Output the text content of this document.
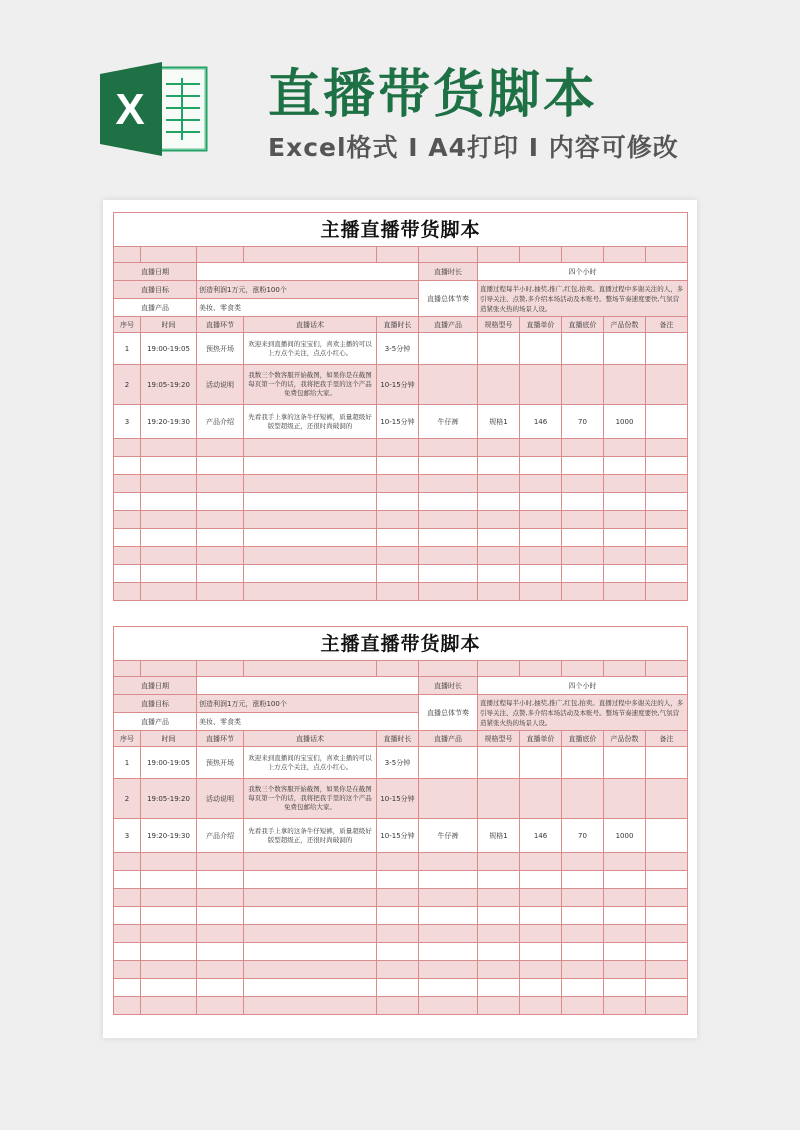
X 直播带货脚本
Excel格式 I A4打印 I 内容可修改
主播直播带货脚本										

直播日期					直播时长	四个小时				
直播目标		创造利润1万元，涨粉100个			直播总体节奏	直播过程每半小时,抽奖,推广,红包,拍卖。直播过程中多谢关注的人，多引导关注、点赞,多介绍本场活动及本账号。整场节奏速度要快,气氛营造紧张火热的场景人设。				
直播产品		美妆、零食类								
序号	时间	直播环节	直播话术	直播时长	直播产品	规格型号	直播单价	直播底价	产品份数	备注
1	19:00-19:05	预热开场	欢迎来到直播间的宝宝们，喜欢主播的可以上方点个关注，点点小红心。	3-5分钟						
2	19:05-19:20	活动说明	我数三个数客服开始截图，如果你是在截图每页第一个的话，我将把我手里的这个产品免费包邮给大家。	10-15分钟						
3	19:20-19:30	产品介绍	先看我手上拿的这条牛仔短裤，质量超级好版型超级正，还很时尚破洞的	10-15分钟	牛仔裤	规格1	146	70	1000	

主播直播带货脚本										

直播日期					直播时长	四个小时				
直播目标		创造利润1万元，涨粉100个			直播总体节奏	直播过程每半小时,抽奖,推广,红包,拍卖。直播过程中多谢关注的人，多引导关注、点赞,多介绍本场活动及本账号。整场节奏速度要快,气氛营造紧张火热的场景人设。				
直播产品		美妆、零食类								
序号	时间	直播环节	直播话术	直播时长	直播产品	规格型号	直播单价	直播底价	产品份数	备注
1	19:00-19:05	预热开场	欢迎来到直播间的宝宝们，喜欢主播的可以上方点个关注，点点小红心。	3-5分钟						
2	19:05-19:20	活动说明	我数三个数客服开始截图，如果你是在截图每页第一个的话，我将把我手里的这个产品免费包邮给大家。	10-15分钟						
3	19:20-19:30	产品介绍	先看我手上拿的这条牛仔短裤，质量超级好版型超级正，还很时尚破洞的	10-15分钟	牛仔裤	规格1	146	70	1000	
